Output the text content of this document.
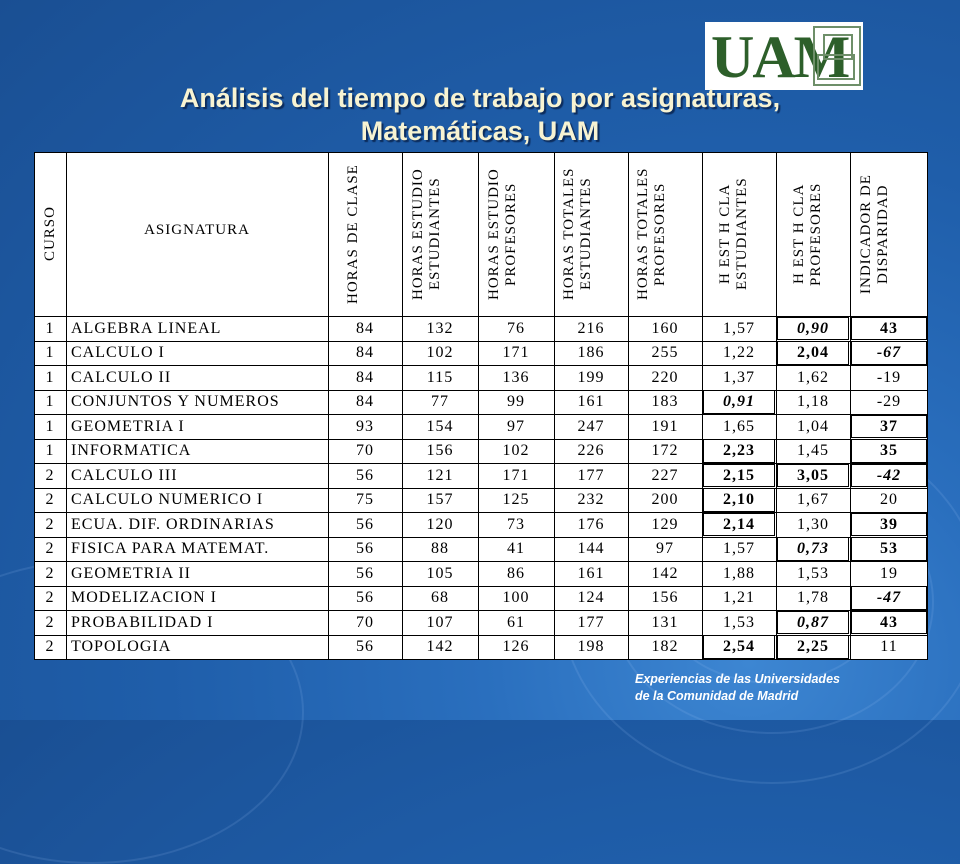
UAM
Análisis del tiempo de trabajo por asignaturas,
Matemáticas, UAM
CURSO	ASIGNATURA	HORAS DE CLASE	HORAS ESTUDIO ESTUDIANTES	HORAS ESTUDIO PROFESORES	HORAS TOTALES ESTUDIANTES	HORAS TOTALES PROFESORES	H EST H CLA ESTUDIANTES	H EST H CLA PROFESORES	INDICADOR DE DISPARIDAD
1	ALGEBRA LINEAL	84	132	76	216	160	1,57	0,90	43
1	CALCULO I	84	102	171	186	255	1,22	2,04	-67
1	CALCULO II	84	115	136	199	220	1,37	1,62	-19
1	CONJUNTOS Y NUMEROS	84	77	99	161	183	0,91	1,18	-29
1	GEOMETRIA I	93	154	97	247	191	1,65	1,04	37
1	INFORMATICA	70	156	102	226	172	2,23	1,45	35
2	CALCULO III	56	121	171	177	227	2,15	3,05	-42
2	CALCULO NUMERICO I	75	157	125	232	200	2,10	1,67	20
2	ECUA. DIF. ORDINARIAS	56	120	73	176	129	2,14	1,30	39
2	FISICA PARA MATEMAT.	56	88	41	144	97	1,57	0,73	53
2	GEOMETRIA II	56	105	86	161	142	1,88	1,53	19
2	MODELIZACION I	56	68	100	124	156	1,21	1,78	-47
2	PROBABILIDAD I	70	107	61	177	131	1,53	0,87	43
2	TOPOLOGIA	56	142	126	198	182	2,54	2,25	11
Experiencias de las Universidades
de la Comunidad de Madrid
